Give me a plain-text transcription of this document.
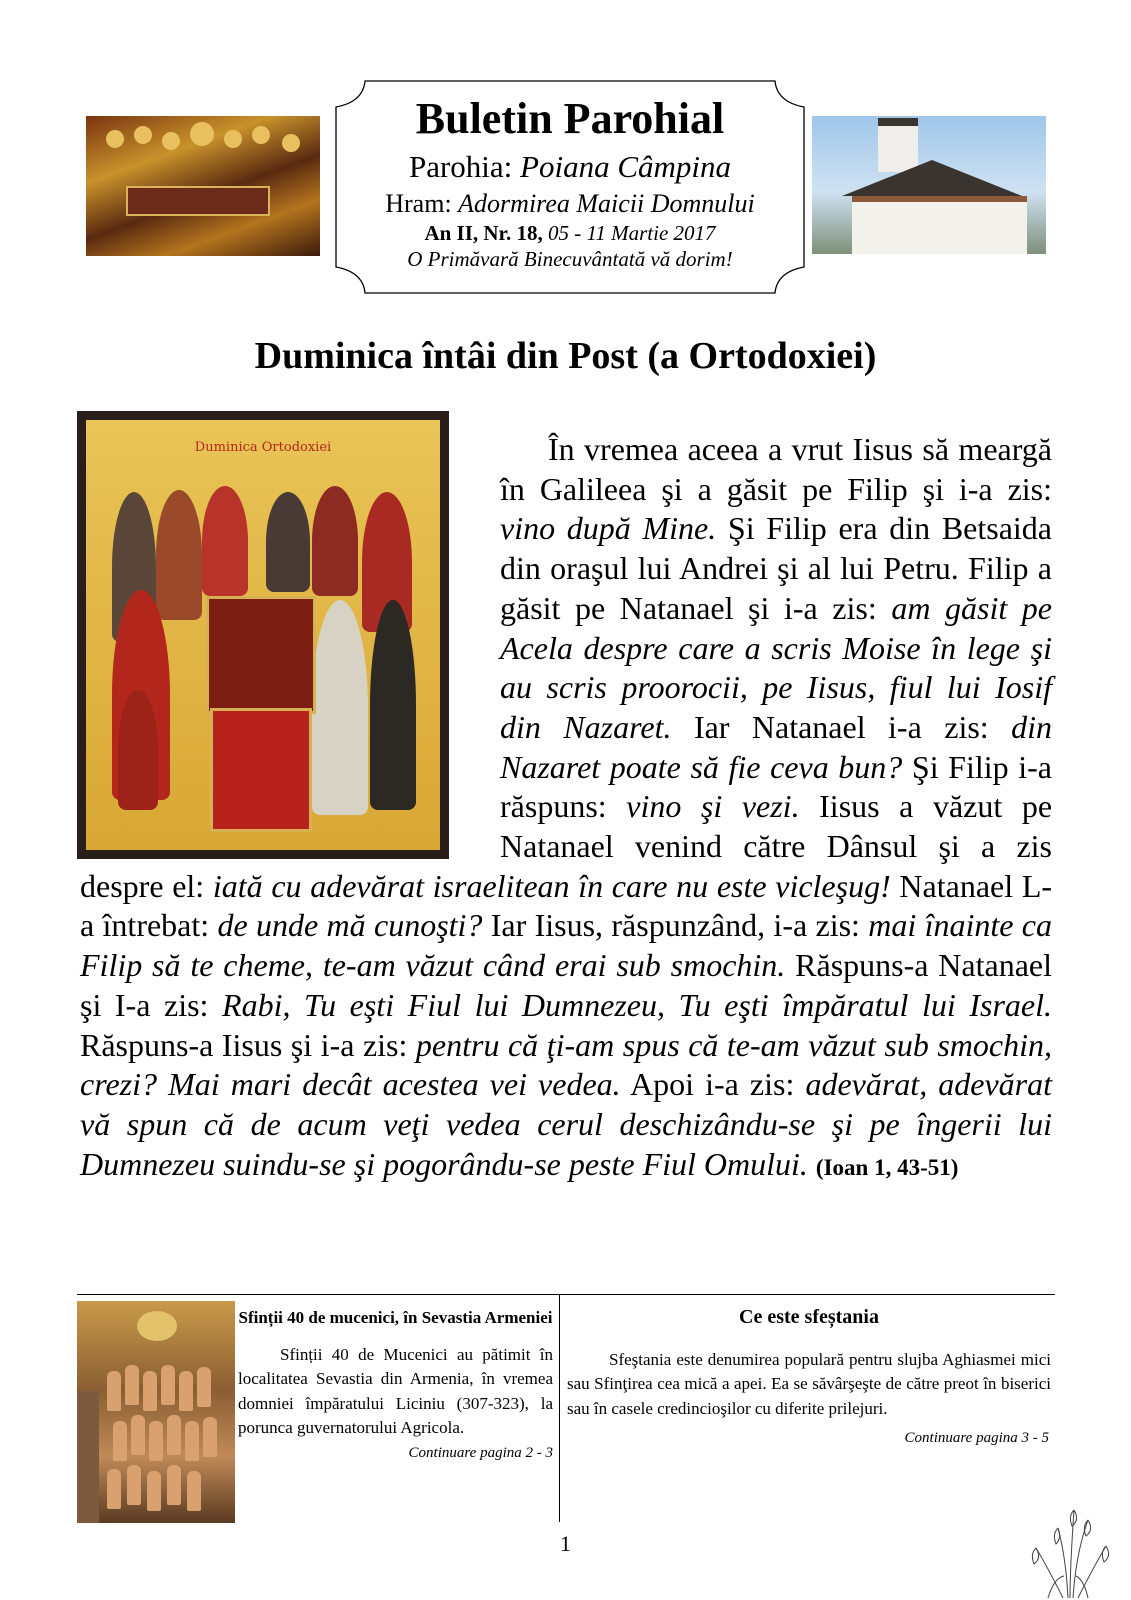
Buletin Parohial
Parohia: Poiana Câmpina
Hram: Adormirea Maicii Domnului
An II, Nr. 18, 05 - 11 Martie 2017
O Primăvară Binecuvântată vă dorim!
Duminica întâi din Post (a Ortodoxiei)
Duminica Ortodoxiei	În vremea aceea a vrut Iisus să meargă în Galileea şi a găsit pe Filip şi i-a zis: vino după Mine. Şi Filip era din Betsaida din oraşul lui Andrei şi al lui Petru. Filip a găsit pe Natanael şi i-a zis: am găsit pe Acela despre care a scris Moise în lege şi au scris proorocii, pe Iisus, fiul lui Iosif din Nazaret. Iar Natanael i-a zis: din Nazaret poate să fie ceva bun? Şi Filip i-a răspuns: vino şi vezi. Iisus a văzut pe Natanael venind către Dânsul şi a zis despre el: iată cu adevărat israelitean în care nu este vicleşug! Natanael L-a întrebat: de unde mă cunoşti? Iar Iisus, răspunzând, i-a zis: mai înainte ca Filip să te cheme, te-am văzut când erai sub smochin. Răspuns-a Natanael şi I-a zis: Rabi, Tu eşti Fiul lui Dumnezeu, Tu eşti împăratul lui Israel. Răspuns-a Iisus şi i-a zis: pentru că ţi-am spus că te-am văzut sub smochin, crezi? Mai mari decât acestea vei vedea. Apoi i-a zis: adevărat, adevărat vă spun că de acum veţi vedea cerul deschizându-se şi pe îngerii lui Dumnezeu suindu-se şi pogorându-se peste Fiul Omului. (Ioan 1, 43-51)

Sfinții 40 de mucenici, în Sevastia Armeniei
Sfinții 40 de Mucenici au pătimit în localitatea Sevastia din Armenia, în vremea domniei împăratului Liciniu (307-323), la porunca guvernatorului Agricola.
Continuare pagina 2 - 3
Ce este sfeștania
Sfeştania este denumirea populară pentru slujba Aghiasmei mici sau Sfinţirea cea mică a apei. Ea se săvârşeşte de către preot în biserici sau în casele credincioşilor cu diferite prilejuri.
Continuare pagina 3 - 5
1
